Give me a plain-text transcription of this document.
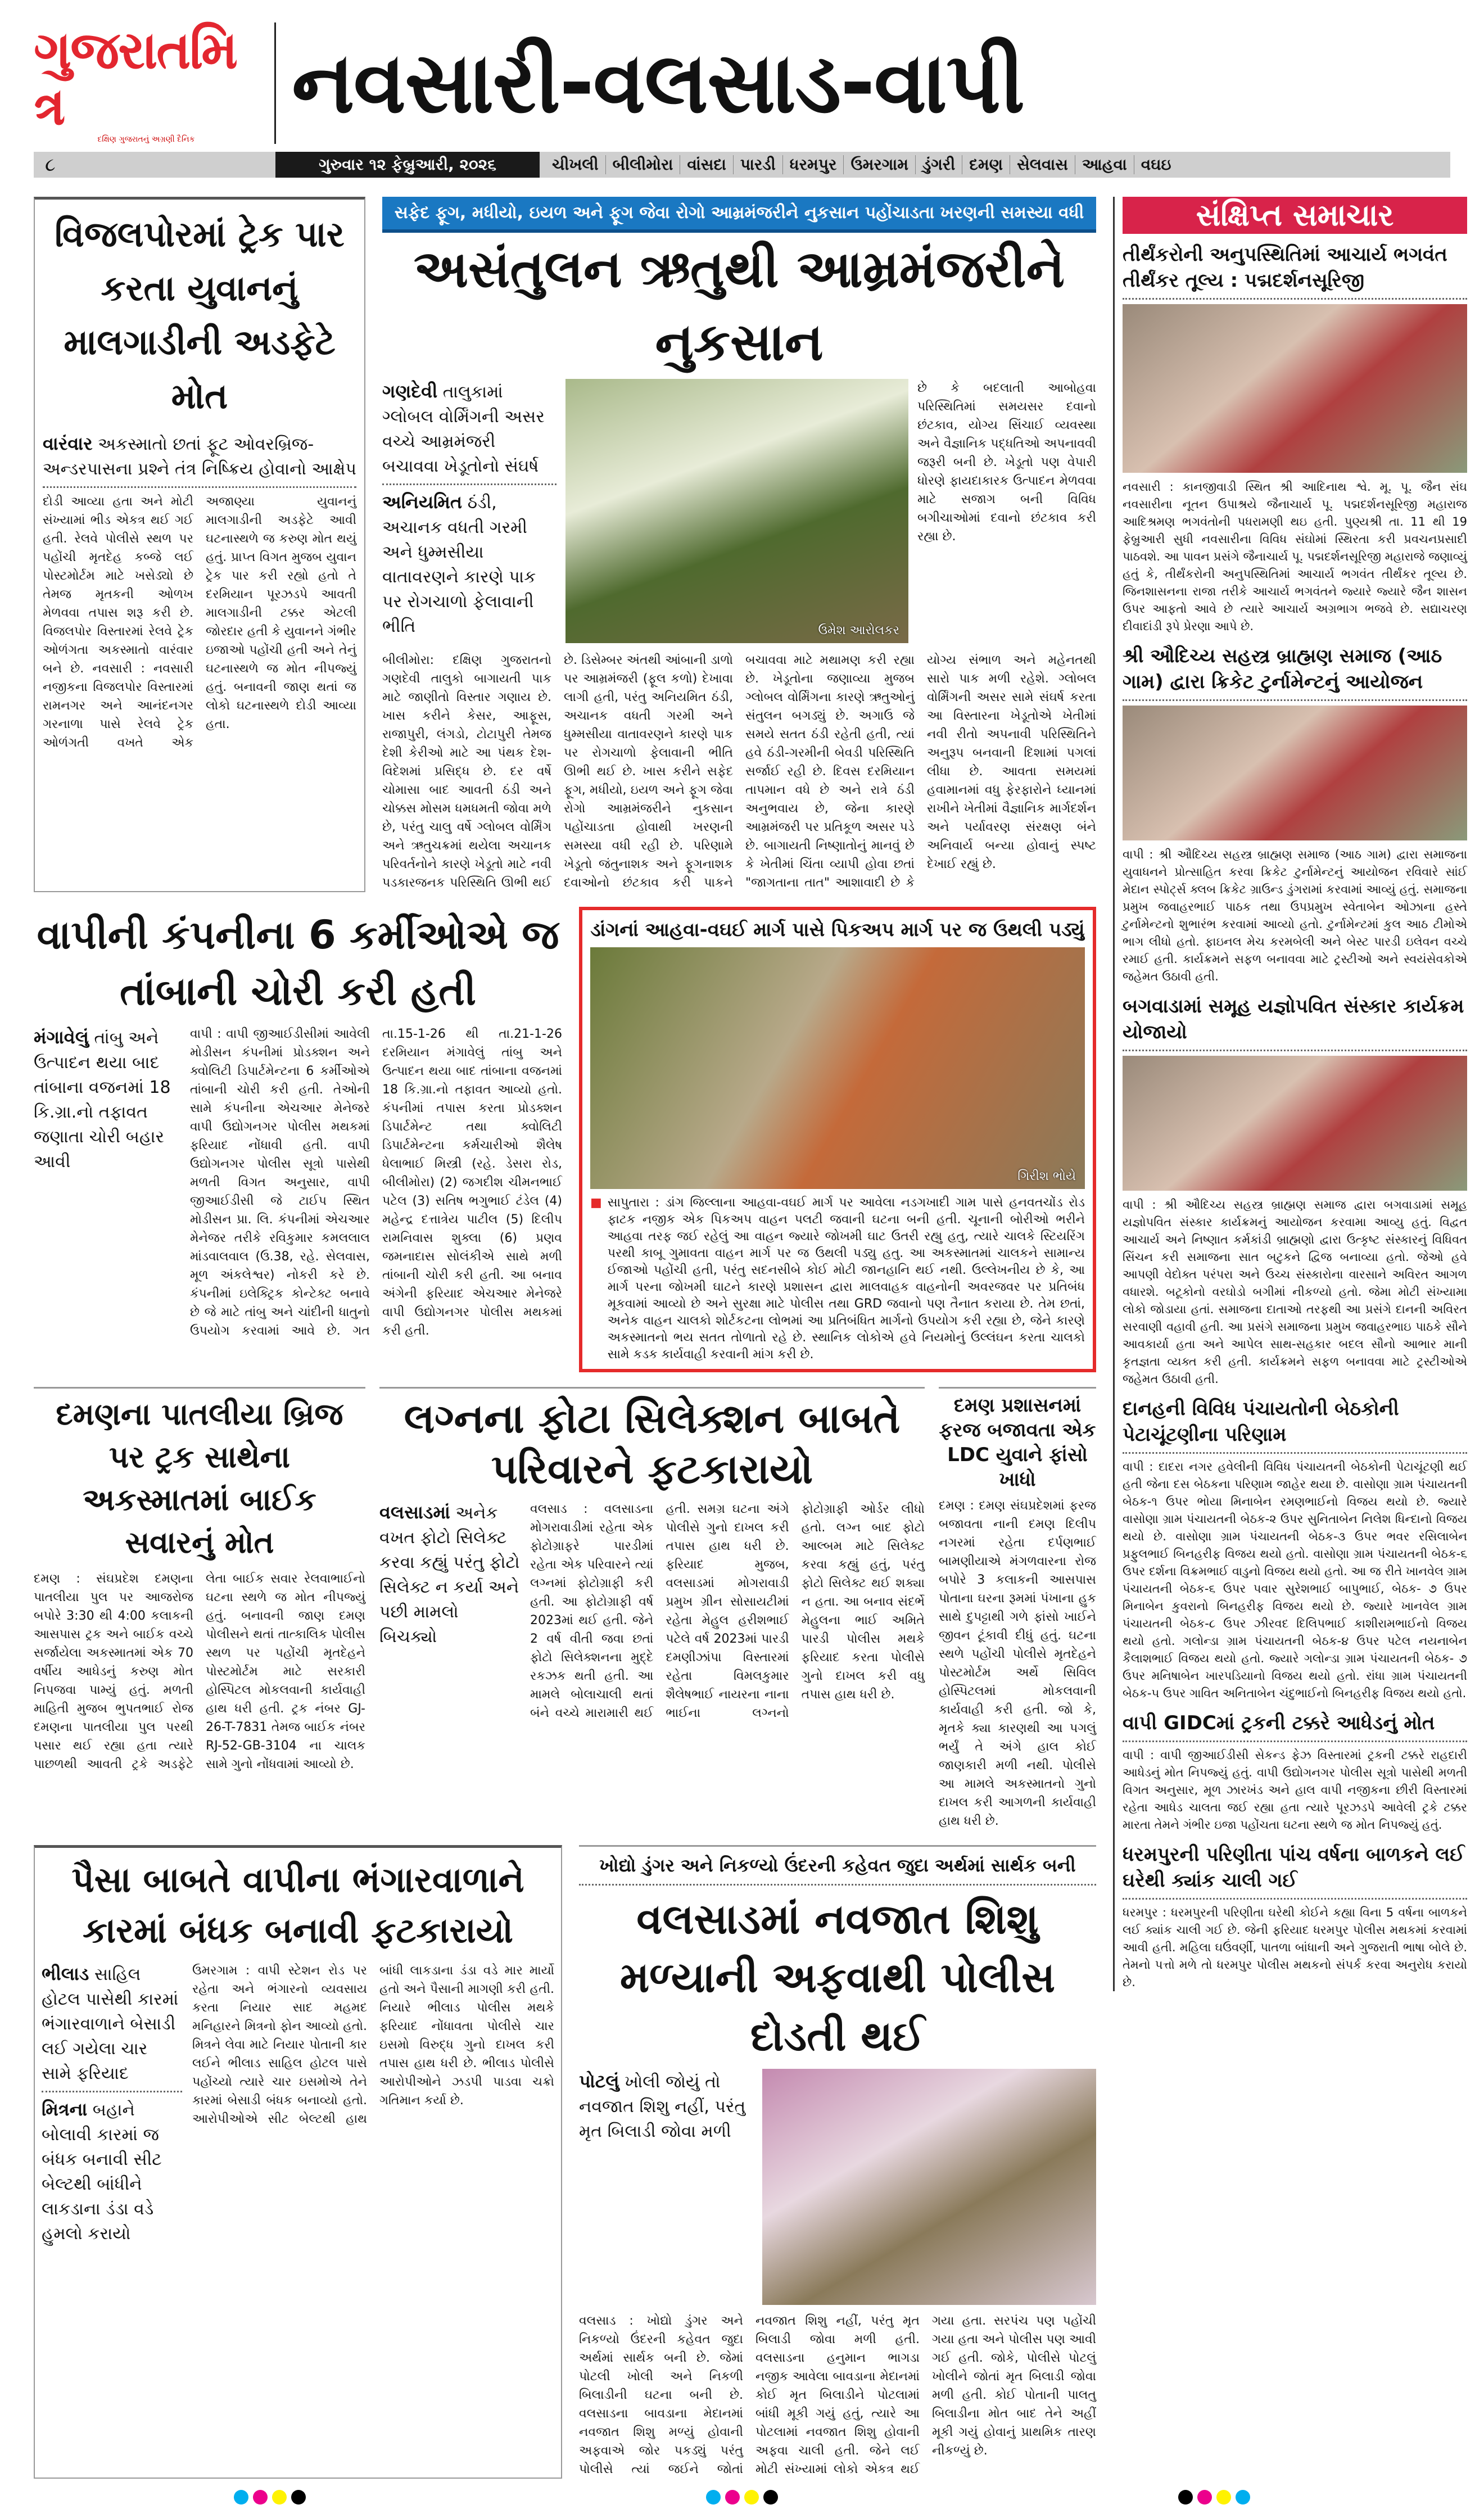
ગુજરાતમિત્ર
દક્ષિણ ગુજરાતનું અગ્રણી દૈનિક
નવસારી-વલસાડ-વાપી
૮	ગુરુવાર ૧૨ ફેબ્રુઆરી, ૨૦૨૬	ચીખલી બીલીમોરા વાંસદા પારડી ધરમપુર ઉમરગામ ડુંગરી દમણ સેલવાસ આહવા વઘઇ
વિજલપોરમાં ટ્રેક પાર કરતા યુવાનનું માલગાડીની અડફેટે મોત
વારંવાર અકસ્માતો છતાં ફૂટ ઓવરબ્રિજ-અન્ડરપાસના પ્રશ્ને તંત્ર નિષ્ક્રિય હોવાનો આક્ષેપ
દોડી આવ્યા હતા અને મોટી સંખ્યામાં ભીડ એકત્ર થઈ ગઈ હતી. રેલવે પોલીસે સ્થળ પર પહોંચી મૃતદેહ કબ્જે લઈ પોસ્ટમોર્ટમ માટે ખસેડ્યો છે તેમજ મૃતકની ઓળખ મેળવવા તપાસ શરૂ કરી છે. વિજલપોર વિસ્તારમાં રેલવે ટ્રેક ઓળંગતા અકસ્માતો વારંવાર બને છે. નવસારી : નવસારી નજીકના વિજલપોર વિસ્તારમાં રામનગર અને આનંદનગર ગરનાળા પાસે રેલવે ટ્રેક ઓળંગતી વખતે એક અજાણ્યા યુવાનનું માલગાડીની અડફેટે આવી ઘટનાસ્થળે જ કરુણ મોત થયું હતું. પ્રાપ્ત વિગત મુજબ યુવાન ટ્રેક પાર કરી રહ્યો હતો તે દરમિયાન પૂરઝડપે આવતી માલગાડીની ટક્કર એટલી જોરદાર હતી કે યુવાનને ગંભીર ઇજાઓ પહોંચી હતી અને તેનું ઘટનાસ્થળે જ મોત નીપજ્યું હતું. બનાવની જાણ થતાં જ લોકો ઘટનાસ્થળે દોડી આવ્યા હતા.
સફેદ ફૂગ, મધીયો, ઇયળ અને ફૂગ જેવા રોગો આમ્રમંજરીને નુકસાન પહોંચાડતા ખરણની સમસ્યા વધી
અસંતુલન ઋતુથી આમ્રમંજરીને નુકસાન
ગણદેવી તાલુકામાં ગ્લોબલ વોર્મિંગની અસર વચ્ચે આમ્રમંજરી બચાવવા ખેડૂતોનો સંઘર્ષ
અનિયમિત ઠંડી, અચાનક વધતી ગરમી અને ધુમ્મસીયા વાતાવરણને કારણે પાક પર રોગચાળો ફેલાવાની ભીતિ	ઉમેશ આરોલકર
છે કે બદલાતી આબોહવા પરિસ્થિતિમાં સમયસર દવાનો છંટકાવ, યોગ્ય સિંચાઈ વ્યવસ્થા અને વૈજ્ઞાનિક પદ્ધતિઓ અપનાવવી જરૂરી બની છે. ખેડૂતો પણ વેપારી ધોરણે ફાયદાકારક ઉત્પાદન મેળવવા માટે સજાગ બની વિવિધ બગીચાઓમાં દવાનો છંટકાવ કરી રહ્યા છે.
બીલીમોરા: દક્ષિણ ગુજરાતનો ગણદેવી તાલુકો બાગાયતી પાક માટે જાણીતો વિસ્તાર ગણાય છે. ખાસ કરીને કેસર, આફૂસ, રાજાપુરી, લંગડો, ટોટાપુરી તેમજ દેશી કેરીઓ માટે આ પંથક દેશ-વિદેશમાં પ્રસિદ્ધ છે. દર વર્ષે ચોમાસા બાદ આવતી ઠંડી અને ચોક્કસ મોસમ ધમધમતી જોવા મળે છે, પરંતુ ચાલુ વર્ષે ગ્લોબલ વોર્મિંગ અને ઋતુચક્રમાં થયેલા અચાનક પરિવર્તનોને કારણે ખેડૂતો માટે નવી પડકારજનક પરિસ્થિતિ ઊભી થઈ છે. ડિસેમ્બર અંતથી આંબાની ડાળો પર આમ્રમંજરી (ફૂલ કળો) દેખાવા લાગી હતી, પરંતુ અનિયમિત ઠંડી, અચાનક વધતી ગરમી અને ધુમ્મસીયા વાતાવરણને કારણે પાક પર રોગચાળો ફેલાવાની ભીતિ ઊભી થઈ છે. ખાસ કરીને સફેદ ફૂગ, મધીયો, ઇયળ અને ફૂગ જેવા રોગો આમ્રમંજરીને નુકસાન પહોંચાડતા હોવાથી ખરણની સમસ્યા વધી રહી છે. પરિણામે ખેડૂતો જંતુનાશક અને ફૂગનાશક દવાઓનો છંટકાવ કરી પાકને બચાવવા માટે મથામણ કરી રહ્યા છે. ખેડૂતોના જણાવ્યા મુજબ ગ્લોબલ વોર્મિંગના કારણે ઋતુઓનું સંતુલન બગડ્યું છે. અગાઉ જે સમયે સતત ઠંડી રહેતી હતી, ત્યાં હવે ઠંડી-ગરમીની બેવડી પરિસ્થિતિ સર્જાઈ રહી છે. દિવસ દરમિયાન તાપમાન વધે છે અને રાત્રે ઠંડી અનુભવાય છે, જેના કારણે આમ્રમંજરી પર પ્રતિકૂળ અસર પડે છે. બાગાયતી નિષ્ણાતોનું માનવું છે કે ખેતીમાં ચિંતા વ્યાપી હોવા છતાં "જાગતાના તાત" આશાવાદી છે કે યોગ્ય સંભાળ અને મહેનતથી સારો પાક મળી રહેશે. ગ્લોબલ વોર્મિંગની અસર સામે સંઘર્ષ કરતા આ વિસ્તારના ખેડૂતોએ ખેતીમાં નવી રીતો અપનાવી પરિસ્થિતિને અનુરૂપ બનવાની દિશામાં પગલાં લીધા છે. આવતા સમયમાં હવામાનમાં વધુ ફેરફારોને ધ્યાનમાં રાખીને ખેતીમાં વૈજ્ઞાનિક માર્ગદર્શન અને પર્યાવરણ સંરક્ષણ બંને અનિવાર્ય બન્યા હોવાનું સ્પષ્ટ દેખાઈ રહ્યું છે.
વાપીની કંપનીના 6 કર્મીઓએ જ તાંબાની ચોરી કરી હતી
મંગાવેલું તાંબુ અને ઉત્પાદન થયા બાદ તાંબાના વજનમાં 18 કિ.ગ્રા.નો તફાવત જણાતા ચોરી બહાર આવી
વાપી : વાપી જીઆઈડીસીમાં આવેલી મોડીસન કંપનીમાં પ્રોડક્શન અને ક્વોલિટી ડિપાર્ટમેન્ટના 6 કર્મીઓએ તાંબાની ચોરી કરી હતી. તેઓની સામે કંપનીના એચઆર મેનેજરે વાપી ઉદ્યોગનગર પોલીસ મથકમાં ફરિયાદ નોંધાવી હતી. વાપી ઉદ્યોગનગર પોલીસ સૂત્રો પાસેથી મળતી વિગત અનુસાર, વાપી જીઆઈડીસી જે ટાઈપ સ્થિત મોડીસન પ્રા. લિ. કંપનીમાં એચઆર મેનેજર તરીકે રવિકુમાર કમલલાલ માંડવાલવાલ (ઉ.38, રહે. સેલવાસ, મૂળ અંકલેશ્વર) નોકરી કરે છે. કંપનીમાં ઇલેક્ટ્રિક કોન્ટેક્ટ બનાવે છે જે માટે તાંબુ અને ચાંદીની ધાતુનો ઉપયોગ કરવામાં આવે છે. ગત તા.15-1-26 થી તા.21-1-26 દરમિયાન મંગાવેલું તાંબુ અને ઉત્પાદન થયા બાદ તાંબાના વજનમાં 18 કિ.ગ્રા.નો તફાવત આવ્યો હતો. કંપનીમાં તપાસ કરતા પ્રોડક્શન ડિપાર્ટમેન્ટ તથા ક્વોલિટી ડિપાર્ટમેન્ટના કર્મચારીઓ શૈલેષ ધેલાભાઈ મિસ્ત્રી (રહે. ડેસરા રોડ, બીલીમોરા) (2) જગદીશ ચીમનભાઈ પટેલ (3) સતિષ ભગુભાઈ ટંડેલ (4) મહેન્દ્ર દત્તાત્રેય પાટીલ (5) દિલીપ રામનિવાસ શુક્લા (6) પ્રણવ જમનાદાસ સોલંકીએ સાથે મળી તાંબાની ચોરી કરી હતી. આ બનાવ અંગેની ફરિયાદ એચઆર મેનેજરે વાપી ઉદ્યોગનગર પોલીસ મથકમાં કરી હતી.
ડાંગનાં આહવા-વઘઈ માર્ગ પાસે પિકઅપ માર્ગ પર જ ઉથલી પડ્યું
ગિરીશ ભોયે
■ સાપુતારા : ડાંગ જિલ્લાના આહવા-વઘઈ માર્ગ પર આવેલા નડગખાદી ગામ પાસે હનવતચોંડ રોડ ફાટક નજીક એક પિકઅપ વાહન પલટી જવાની ઘટના બની હતી. ચૂનાની બોરીઓ ભરીને આહવા તરફ જઈ રહેલું આ વાહન જ્યારે જોખમી ઘાટ ઉતરી રહ્યુ હતુ, ત્યારે ચાલકે સ્ટિયરિંગ પરથી કાબૂ ગુમાવતા વાહન માર્ગ પર જ ઉથલી પડ્યુ હતુ. આ અકસ્માતમાં ચાલકને સામાન્ય ઈજાઓ પહોંચી હતી, પરંતુ સદનસીબે કોઈ મોટી જાનહાનિ થઈ નથી. ઉલ્લેખનીય છે કે, આ માર્ગ પરના જોખમી ઘાટને કારણે પ્રશાસન દ્વારા માલવાહક વાહનોની અવરજવર પર પ્રતિબંધ મૂકવામાં આવ્યો છે અને સુરક્ષા માટે પોલીસ તથા GRD જવાનો પણ તૈનાત કરાયા છે. તેમ છતાં, અનેક વાહન ચાલકો શોર્ટકટના લોભમાં આ પ્રતિબંધિત માર્ગનો ઉપયોગ કરી રહ્યા છે, જેને કારણે અકસ્માતનો ભય સતત તોળાતો રહે છે. સ્થાનિક લોકોએ હવે નિયમોનું ઉલ્લંઘન કરતા ચાલકો સામે કડક કાર્યવાહી કરવાની માંગ કરી છે.
દમણના પાતલીયા બ્રિજ પર ટ્રક સાથેના અકસ્માતમાં બાઈક સવારનું મોત
દમણ : સંઘપ્રદેશ દમણના પાતલીયા પુલ પર આજરોજ બપોરે 3:30 થી 4:00 કલાકની આસપાસ ટ્રક અને બાઈક વચ્ચે સર્જાયેલા અકસ્માતમાં એક 70 વર્ષીય આધેડનું કરુણ મોત નિપજવા પામ્યું હતું. મળતી માહિતી મુજબ ભુપતભાઈ રોજ દમણના પાતલીયા પુલ પરથી પસાર થઈ રહ્યા હતા ત્યારે પાછળથી આવતી ટ્રકે અડફેટે લેતા બાઈક સવાર રેલવાભાઈનો ઘટના સ્થળે જ મોત નીપજ્યું હતું. બનાવની જાણ દમણ પોલીસને થતાં તાત્કાલિક પોલીસ સ્થળ પર પહોંચી મૃતદેહને પોસ્ટમોર્ટમ માટે સરકારી હોસ્પિટલ મોકલવાની કાર્યવાહી હાથ ધરી હતી. ટ્રક નંબર GJ-26-T-7831 તેમજ બાઈક નંબર RJ-52-GB-3104 ના ચાલક સામે ગુનો નોંધવામાં આવ્યો છે.
લગ્નના ફોટા સિલેક્શન બાબતે પરિવારને ફટકારાયો
વલસાડમાં અનેક વખત ફોટો સિલેક્ટ કરવા કહ્યું પરંતુ ફોટો સિલેક્ટ ન કર્યા અને પછી મામલો બિચક્યો
વલસાડ : વલસાડના મોગરાવાડીમાં રહેતા એક ફોટોગ્રાફરે પારડીમાં રહેતા એક પરિવારને ત્યાં લગ્નમાં ફોટોગ્રાફી કરી હતી. આ ફોટોગ્રાફી વર્ષ 2023માં થઈ હતી. જેને 2 વર્ષ વીતી જવા છતાં ફોટો સિલેક્શનના મુદ્દે રકઝક થતી હતી. આ મામલે બોલાચાલી થતાં બંને વચ્ચે મારામારી થઈ હતી. સમગ્ર ઘટના અંગે પોલીસે ગુનો દાખલ કરી તપાસ હાથ ધરી છે. ફરિયાદ મુજબ, વલસાડમાં મોગરાવાડી પ્રમુખ ગ્રીન સોસાયટીમાં રહેતા મેહુલ હરીશભાઈ પટેલે વર્ષ 2023માં પારડી દમણીઝાંપા વિસ્તારમાં રહેતા વિમલકુમાર શૈલેષભાઈ નાયરના નાના ભાઈના લગ્નનો ફોટોગ્રાફી ઓર્ડર લીધો હતો. લગ્ન બાદ ફોટો આલ્બમ માટે સિલેક્ટ કરવા કહ્યું હતું, પરંતુ ફોટો સિલેક્ટ થઈ શક્યા ન હતા. આ બનાવ સંદર્ભે મેહુલના ભાઈ અમિતે પારડી પોલીસ મથકે ફરિયાદ કરતા પોલીસે ગુનો દાખલ કરી વધુ તપાસ હાથ ધરી છે.
દમણ પ્રશાસનમાં ફરજ બજાવતા એક LDC યુવાને ફાંસો ખાધો
દમણ : દમણ સંઘપ્રદેશમાં ફરજ બજાવતા નાની દમણ દિલીપ નગરમાં રહેતા દર્પણભાઈ બામણીયાએ મંગળવારના રોજ બપોરે 3 કલાકની આસપાસ પોતાના ઘરના રૂમમાં પંખાના હુક સાથે દુપટ્ટાથી ગળે ફાંસો ખાઈને જીવન ટૂંકાવી દીધું હતું. ઘટના સ્થળે પહોંચી પોલીસે મૃતદેહને પોસ્ટમોર્ટમ અર્થે સિવિલ હોસ્પિટલમાં મોકલવાની કાર્યવાહી કરી હતી. જો કે, મૃતકે ક્યા કારણથી આ પગલું ભર્યું તે અંગે હાલ કોઈ જાણકારી મળી નથી. પોલીસે આ મામલે અકસ્માતનો ગુનો દાખલ કરી આગળની કાર્યવાહી હાથ ધરી છે.
પૈસા બાબતે વાપીના ભંગારવાળાને કારમાં બંધક બનાવી ફટકારાયો
ભીલાડ સાહિલ હોટલ પાસેથી કારમાં ભંગારવાળાને બેસાડી લઈ ગયેલા ચાર સામે ફરિયાદ
મિત્રના બહાને બોલાવી કારમાં જ બંધક બનાવી સીટ બેલ્ટથી બાંધીને લાકડાના ડંડા વડે હુમલો કરાયો
ઉમરગામ : વાપી સ્ટેશન રોડ પર રહેતા અને ભંગારનો વ્યવસાય કરતા નિયાર સાદ મહમદ મનિહારને મિત્રનો ફોન આવ્યો હતો. મિત્રને લેવા માટે નિયાર પોતાની કાર લઈને ભીલાડ સાહિલ હોટલ પાસે પહોંચ્યો ત્યારે ચાર ઇસમોએ તેને કારમાં બેસાડી બંધક બનાવ્યો હતો. આરોપીઓએ સીટ બેલ્ટથી હાથ બાંધી લાકડાના ડંડા વડે માર માર્યો હતો અને પૈસાની માગણી કરી હતી. નિયારે ભીલાડ પોલીસ મથકે ફરિયાદ નોંધાવતા પોલીસે ચાર ઇસમો વિરુદ્ધ ગુનો દાખલ કરી તપાસ હાથ ધરી છે. ભીલાડ પોલીસે આરોપીઓને ઝડપી પાડવા ચક્રો ગતિમાન કર્યા છે.
ખોદ્યો ડુંગર અને નિકળ્યો ઉંદરની કહેવત જુદા અર્થમાં સાર્થક બની
વલસાડમાં નવજાત શિશુ મળ્યાની અફવાથી પોલીસ દોડતી થઈ
પોટલું ખોલી જોયું તો નવજાત શિશુ નહીં, પરંતુ મૃત બિલાડી જોવા મળી
વલસાડ : ખોદ્યો ડુંગર અને નિકળ્યો ઉંદરની કહેવત જુદા અર્થમાં સાર્થક બની છે. જેમાં પોટલી ખોલી અને નિકળી બિલાડીની ઘટના બની છે. વલસાડના બાવડાના મેદાનમાં નવજાત શિશુ મળ્યું હોવાની અફવાએ જોર પકડ્યું પરંતુ પોલીસે ત્યાં જઈને જોતાં નવજાત શિશુ નહીં, પરંતુ મૃત બિલાડી જોવા મળી હતી. વલસાડના હનુમાન ભાગડા નજીક આવેલા બાવડાના મેદાનમાં કોઈ મૃત બિલાડીને પોટલામાં બાંધી મૂકી ગયું હતું, ત્યારે આ પોટલામાં નવજાત શિશુ હોવાની અફવા ચાલી હતી. જેને લઈ મોટી સંખ્યામાં લોકો એકત્ર થઈ ગયા હતા. સરપંચ પણ પહોંચી ગયા હતા અને પોલીસ પણ આવી ગઈ હતી. જોકે, પોલીસે પોટલું ખોલીને જોતાં મૃત બિલાડી જોવા મળી હતી. કોઈ પોતાની પાલતુ બિલાડીના મોત બાદ તેને અહીં મૂકી ગયું હોવાનું પ્રાથમિક તારણ નીકળ્યું છે.
સંક્ષિપ્ત સમાચાર
તીર્થંકરોની અનુપસ્થિતિમાં આચાર્ય ભગવંત તીર્થંકર તૂલ્ય : પદ્મદર્શનસૂરિજી
નવસારી : કાનજીવાડી સ્થિત શ્રી આદિનાથ શ્વે. મૂ. પૂ. જૈન સંઘ નવસારીના નૂતન ઉપાશ્રયે જૈનાચાર્ય પૂ. પદ્મદર્શનસૂરિજી મહારાજ આદિશ્રમણ ભગવંતોની પધરામણી થઇ હતી. પુણ્યશ્રી તા. 11 થી 19 ફેબ્રુઆરી સુધી નવસારીના વિવિધ સંઘોમાં સ્થિરતા કરી પ્રવચનપ્રસાદી પાઠવશે. આ પાવન પ્રસંગે જૈનાચાર્ય પૂ. પદ્મદર્શનસૂરિજી મહારાજે જણાવ્યું હતું કે, તીર્થંકરોની અનુપસ્થિતિમાં આચાર્ય ભગવંત તીર્થંકર તૂલ્ય છે. જિનશાસનના રાજા તરીકે આચાર્ય ભગવંતને જ્યારે જ્યારે જૈન શાસન ઉપર આફતો આવે છે ત્યારે આચાર્ય અગ્રભાગ ભજવે છે. સદ્યાચરણ દીવાદાંડી રૂપે પ્રેરણા આપે છે.
શ્રી ઔદિચ્ય સહસ્ત્ર બ્રાહ્મણ સમાજ (આઠ ગામ) દ્વારા ક્રિકેટ ટુર્નામેન્ટનું આયોજન
વાપી : શ્રી ઔદિચ્ય સહસ્ત્ર બ્રાહ્મણ સમાજ (આઠ ગામ) દ્વારા સમાજના યુવાધનને પ્રોત્સાહિત કરવા ક્રિકેટ ટુર્નામેન્ટનું આયોજન રવિવારે સાંઈ મેદાન સ્પોર્ટ્સ ક્લબ ક્રિકેટ ગ્રાઉન્ડ ડુંગરામાં કરવામાં આવ્યું હતું. સમાજના પ્રમુખ જવાહરભાઈ પાઠક તથા ઉપપ્રમુખ સ્વેતાબેન ઓઝાના હસ્તે ટુર્નામેન્ટનો શુભારંભ કરવામાં આવ્યો હતો. ટુર્નામેન્ટમાં કુલ આઠ ટીમોએ ભાગ લીધો હતો. ફાઇનલ મેચ કરમબેલી અને બેસ્ટ પારડી ઇલેવન વચ્ચે રમાઈ હતી. કાર્યક્રમને સફળ બનાવવા માટે ટ્રસ્ટીઓ અને સ્વયંસેવકોએ જહેમત ઉઠાવી હતી.
બગવાડામાં સમૂહ યજ્ઞોપવિત સંસ્કાર કાર્યક્રમ યોજાયો
વાપી : શ્રી ઔદિચ્ય સહસ્ત્ર બ્રાહ્મણ સમાજ દ્વારા બગવાડામાં સમૂહ યજ્ઞોપવિત સંસ્કાર કાર્યક્રમનું આયોજન કરવામા આવ્યુ હતું. વિદ્વત આચાર્ય અને નિષ્ણાત કર્મકાંડી બ્રાહ્મણો દ્વારા ઉત્કૃષ્ટ સંસ્કારનું વિધિવત સિંચન કરી સમાજના સાત બટુકને દ્વિજ બનાવ્યા હતો. જેઓ હવે આપણી વેદોક્ત પરંપરા અને ઉચ્ચ સંસ્કારોના વારસાને અવિરત આગળ વધારશે. બટૂકોનો વરઘોડો બગીમાં નીકળ્યો હતો. જેમા મોટી સંખ્યામા લોકો જોડાયા હતાં. સમાજના દાતાઓ તરફથી આ પ્રસંગે દાનની અવિરત સરવાણી વહાવી હતી. આ પ્રસંગે સમાજના પ્રમુખ જવાહરભાઇ પાઠકે સૌને આવકાર્યા હતા અને આપેલ સાથ-સહકાર બદલ સૌનો આભાર માની કૃતજ્ઞતા વ્યક્ત કરી હતી. કાર્યક્રમને સફળ બનાવવા માટે ટ્રસ્ટીઓએ જહેમત ઉઠાવી હતી.
દાનહની વિવિધ પંચાયતોની બેઠકોની પેટાચૂંટણીના પરિણામ
વાપી : દાદરા નગર હવેલીની વિવિધ પંચાયતની બેઠકોની પેટાચૂંટણી થઈ હતી જેના દસ બેઠકના પરિણામ જાહેર થયા છે. વાસોણા ગ્રામ પંચાયતની બેઠક-૧ ઉપર ભોયા મિનાબેન રમણભાઈનો વિજય થયો છે. જ્યારે વાસોણા ગ્રામ પંચાયતની બેઠક-૨ ઉપર સુનિતાબેન નિલેશ ધિન્દાનો વિજય થયો છે. વાસોણા ગ્રામ પંચાયતની બેઠક-૩ ઉપર ભવર રસિલાબેન પ્રફુલભાઈ બિનહરીફ વિજય થયો હતો. વાસોણા ગ્રામ પંચાયતની બેઠક-૬ ઉપર દર્શના વિક્રમભાઈ વાડુનો વિજય થયો હતો. આ જ રીતે ખાનવેલ ગ્રામ પંચાયતની બેઠક-૬ ઉપર પવાર સુરેશભાઈ બાપુભાઈ, બેઠક- ૭ ઉપર મિનાબેન કુવરાનો બિનહરીફ વિજય થયો છે. જ્યારે ખાનવેલ ગ્રામ પંચાયતની બેઠક-૮ ઉપર ઝીરવદ દિલિપભાઈ કાશીરામભાઈનો વિજય થયો હતો. ગલોન્ડા ગ્રામ પંચાયતની બેઠક-૪ ઉપર પટેલ નયનાબેન કૈલાશભાઈ વિજય થયો હતો. જ્યારે ગલોન્ડા ગ્રામ પંચાયતની બેઠક- ૭ ઉપર મનિષાબેન ખારપડિયાનો વિજય થયો હતો. રાંધા ગ્રામ પંચાયતની બેઠક-૫ ઉપર ગાવિત અનિતાબેન ચંદુભાઈનો બિનહરીફ વિજય થયો હતો.
વાપી GIDCમાં ટ્રકની ટક્કરે આધેડનું મોત
વાપી : વાપી જીઆઈડીસી સેકન્ડ ફેઝ વિસ્તારમાં ટ્રકની ટક્કરે રાહદારી આધેડનું મોત નિપજ્યું હતું. વાપી ઉદ્યોગનગર પોલીસ સૂત્રો પાસેથી મળતી વિગત અનુસાર, મૂળ ઝારખંડ અને હાલ વાપી નજીકના છીરી વિસ્તારમાં રહેતા આધેડ ચાલતા જઈ રહ્યા હતા ત્યારે પૂરઝડપે આવેલી ટ્રકે ટક્કર મારતા તેમને ગંભીર ઇજા પહોંચતા ઘટના સ્થળે જ મોત નિપજ્યું હતું.
ધરમપુરની પરિણીતા પાંચ વર્ષના બાળકને લઈ ઘરેથી ક્યાંક ચાલી ગઈ
ધરમપુર : ધરમપુરની પરિણીતા ઘરેથી કોઈને કહ્યા વિના 5 વર્ષના બાળકને લઈ ક્યાંક ચાલી ગઈ છે. જેની ફરિયાદ ધરમપુર પોલીસ મથકમાં કરવામાં આવી હતી. મહિલા ઘઉંવર્ણી, પાતળા બાંધાની અને ગુજરાતી ભાષા બોલે છે. તેમનો પત્તો મળે તો ધરમપુર પોલીસ મથકનો સંપર્ક કરવા અનુરોધ કરાયો છે.
